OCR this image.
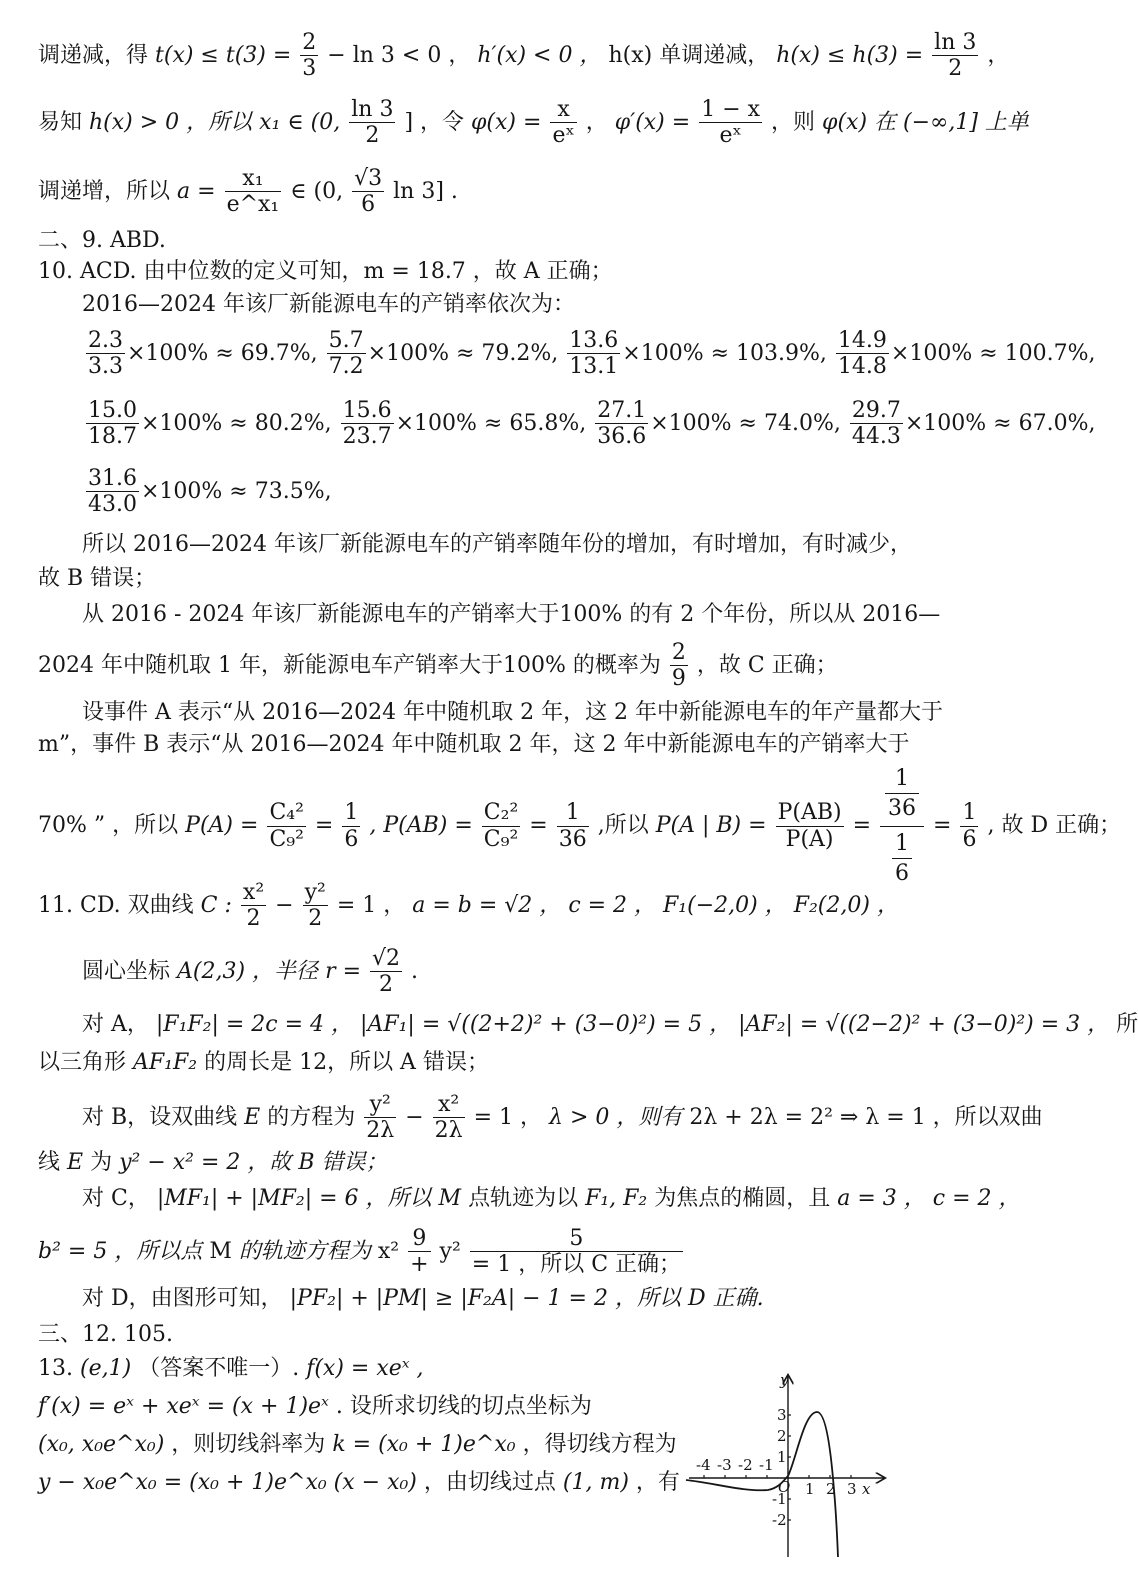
调递减，得 $t(x) \le t(3) = \frac{2}{3} - \ln 3 < 0$ ， h′(x) < 0 ， h(x) 单调递减， $h(x) \le h(3) = \frac{\ln 3}{2}$ ，
易知 h(x) > 0 ，所以 x₁ ∈ (0, $\frac{\ln 3}{2}$ ] ，令 $\varphi(x) = \frac{x}{\text{eˣ}}$ ， $\varphi'(x) = \frac{1 - x}{\text{eˣ}}$ ，则 φ(x) 在 (−∞,1] 上单
调递增，所以 $a = \frac{\text{x₁}}{\text{e\textasciicircum{}x₁}}$ ∈ (0, $\frac{√3}{6}$ ln 3] .
二、9. ABD.
10. ACD. 由中位数的定义可知，m = 18.7 ，故 A 正确；
2016—2024 年该厂新能源电车的产销率依次为：
$\frac{2.3}{3.3} \times 100\% \approx 69.7\%$, $\frac{5.7}{7.2} \times 100\% \approx 79.2\%$, $\frac{13.6}{13.1} \times 100\% \approx 103.9\%$, $\frac{14.9}{14.8} \times 100\% \approx 100.7\%$,
$\frac{15.0}{18.7} \times 100\% \approx 80.2\%$, $\frac{15.6}{23.7} \times 100\% \approx 65.8\%$, $\frac{27.1}{36.6} \times 100\% \approx 74.0\%$, $\frac{29.7}{44.3} \times 100\% \approx 67.0\%$,
$\frac{31.6}{43.0} \times 100\% \approx 73.5\%$,
所以 2016—2024 年该厂新能源电车的产销率随年份的增加，有时增加，有时减少，
故 B 错误；
从 2016 - 2024 年该厂新能源电车的产销率大于100% 的有 2 个年份，所以从 2016—
2024 年中随机取 1 年，新能源电车产销率大于100% 的概率为 $\frac{2}{9}$ ，故 C 正确；
设事件 A 表示“从 2016—2024 年中随机取 2 年，这 2 年中新能源电车的年产量都大于
m”，事件 B 表示“从 2016—2024 年中随机取 2 年，这 2 年中新能源电车的产销率大于
70% ” ，所以 $P(A) = \frac{\text{C₄²}}{\text{C₉²}} = \frac{1}{6}$ , $P(AB) = \frac{\text{C₂²}}{\text{C₉²}} = \frac{1}{36}$ ,所以 P(A | $B) = \frac{P(AB)}{P(A)} = \frac{\frac{1}{36}}{\frac{1}{6}} = \frac{1}{6}$ , 故 D 正确；
11. CD. 双曲线 C : $\frac{\text{x²}}{2} - \frac{\text{y²}}{2} = 1$ ， a = b = √2 ， c = 2 ， F₁(−2,0) ， F₂(2,0) ，
圆心坐标 A(2,3) ，半径 $r = \frac{√2}{2}$ .
对 A， |F₁F₂| = 2c = 4 ， |AF₁| = √((2+2)² + (3−0)²) = 5 ， |AF₂| = √((2−2)² + (3−0)²) = 3 ， 所
以三角形 AF₁F₂ 的周长是 12，所以 A 错误；
对 B，设双曲线 E 的方程为 $\frac{\text{y²}}{2\lambda} - \frac{\text{x²}}{2\lambda} = 1$ ， λ > 0 ，则有 2λ + 2λ = 2² ⇒ λ = 1 ，所以双曲
线 E 为 y² − x² = 2 ，故 B 错误；
对 C， |MF₁| + |MF₂| = 6 ，所以 M 点轨迹为以 F₁, F₂ 为焦点的椭圆，且 a = 3 ， c = 2 ，
b² = 5 ，所以点 M 的轨迹方程为 $x^2 \frac{9}{+} y^2 \frac{5}{\text{= 1 ，所以 C 正确；}}$
对 D，由图形可知， |PF₂| + |PM| ≥ |F₂A| − 1 = 2 ，所以 D 正确.
三、12. 105.
13. (e,1) （答案不唯一）. f(x) = xeˣ ,
f′(x) = eˣ + xeˣ = (x + 1)eˣ . 设所求切线的切点坐标为
(x₀, x₀e^x₀) ，则切线斜率为 k = (x₀ + 1)e^x₀ ，得切线方程为
y − x₀e^x₀ = (x₀ + 1)e^x₀ (x − x₀) ，由切线过点 (1, m) ，有
-4 -3 -2 -1
1 2 3 x
y
3
2
1
-1
-2
O
